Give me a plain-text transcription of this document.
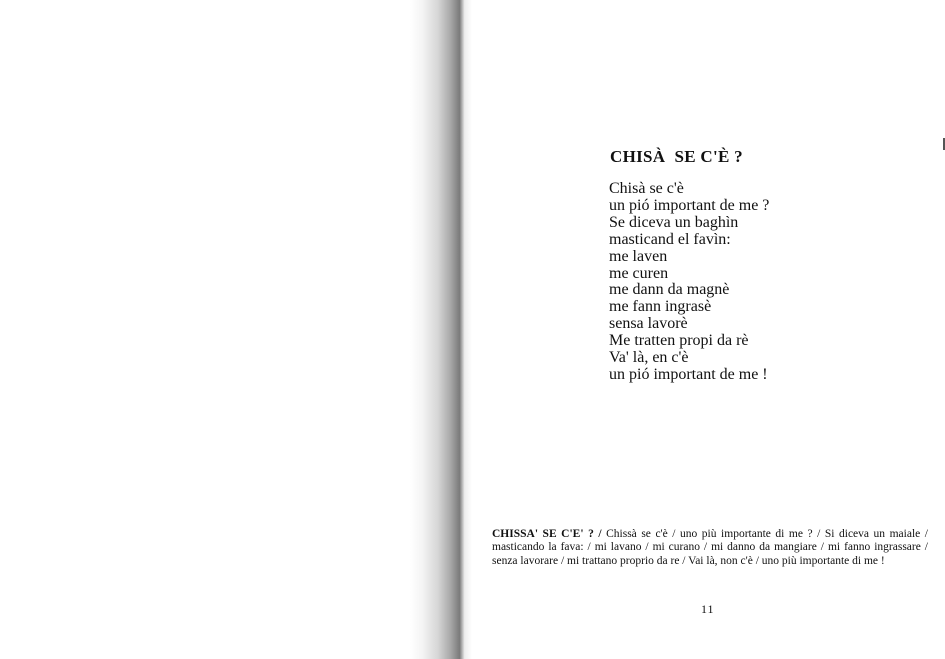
CHISÀ  SE C'È ?
Chisà se c'è
un pió important de me ?
Se diceva un baghìn
masticand el favìn:
me laven
me curen
me dann da magnè
me fann ingrasè
sensa lavorè
Me tratten propi da rè
Va' là, en c'è
un pió important de me !

CHISSA' SE C'E' ? / Chissà se c'è / uno più importante di me ? / Si diceva un maiale / masticando la fava: / mi lavano / mi curano / mi danno da mangiare / mi fanno ingrassare / senza lavorare / mi trattano proprio da re / Vai là, non c'è / uno più importante di me !

11
